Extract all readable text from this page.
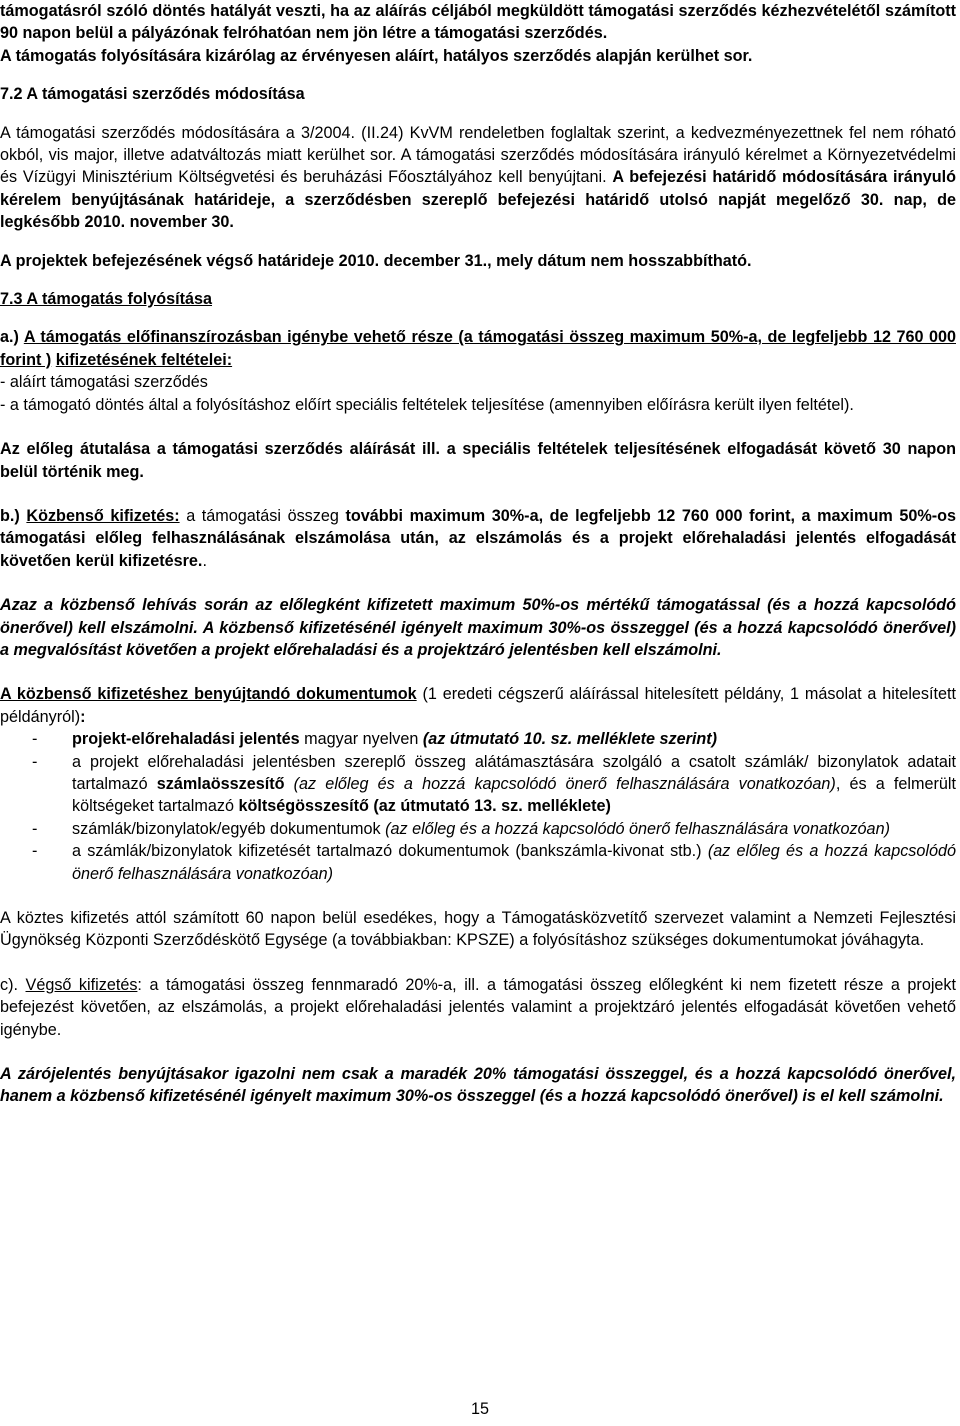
támogatásról szóló döntés hatályát veszti, ha az aláírás céljából megküldött támogatási szerződés kézhezvételétől számított 90 napon belül a pályázónak felróhatóan nem jön létre a támogatási szerződés.
A támogatás folyósítására kizárólag az érvényesen aláírt, hatályos szerződés alapján kerülhet sor.

7.2 A támogatási szerződés módosítása

A támogatási szerződés módosítására a 3/2004. (II.24) KvVM rendeletben foglaltak szerint, a kedvezményezettnek fel nem róható okból, vis major, illetve adatváltozás miatt kerülhet sor. A támogatási szerződés módosítására irányuló kérelmet a Környezetvédelmi és Vízügyi Minisztérium Költségvetési és beruházási Főosztályához kell benyújtani. A befejezési határidő módosítására irányuló kérelem benyújtásának határideje, a szerződésben szereplő befejezési határidő utolsó napját megelőző 30. nap, de legkésőbb 2010. november 30.

A projektek befejezésének végső határideje 2010. december 31., mely dátum nem hosszabbítható.

7.3 A támogatás folyósítása

a.) A támogatás előfinanszírozásban igénybe vehető része (a támogatási összeg maximum 50%-a, de legfeljebb 12 760 000 forint ) kifizetésének feltételei:

- aláírt támogatási szerződés

- a támogató döntés által a folyósításhoz előírt speciális feltételek teljesítése (amennyiben előírásra került ilyen feltétel).

Az előleg átutalása a támogatási szerződés aláírását ill. a speciális feltételek teljesítésének elfogadását követő 30 napon belül történik meg.

b.) Közbenső kifizetés: a támogatási összeg további maximum 30%-a, de legfeljebb 12 760 000 forint, a maximum 50%-os támogatási előleg felhasználásának elszámolása után, az elszámolás és a projekt előrehaladási jelentés elfogadását követően kerül kifizetésre..

Azaz a közbenső lehívás során az előlegként kifizetett maximum 50%-os mértékű támogatással (és a hozzá kapcsolódó önerővel) kell elszámolni. A közbenső kifizetésénél igényelt maximum 30%-os összeggel (és a hozzá kapcsolódó önerővel) a megvalósítást követően a projekt előrehaladási és a projektzáró jelentésben kell elszámolni.

A közbenső kifizetéshez benyújtandó dokumentumok (1 eredeti cégszerű aláírással hitelesített példány, 1 másolat a hitelesített példányról):

- projekt-előrehaladási jelentés magyar nyelven (az útmutató 10. sz. melléklete szerint)
- a projekt előrehaladási jelentésben szereplő összeg alátámasztására szolgáló a csatolt számlák/ bizonylatok adatait tartalmazó számlaösszesítő (az előleg és a hozzá kapcsolódó önerő felhasználására vonatkozóan), és a felmerült költségeket tartalmazó költségösszesítő (az útmutató 13. sz. melléklete)
- számlák/bizonylatok/egyéb dokumentumok (az előleg és a hozzá kapcsolódó önerő felhasználására vonatkozóan)
- a számlák/bizonylatok kifizetését tartalmazó dokumentumok (bankszámla-kivonat stb.) (az előleg és a hozzá kapcsolódó önerő felhasználására vonatkozóan)

A köztes kifizetés attól számított 60 napon belül esedékes, hogy a Támogatásközvetítő szervezet valamint a Nemzeti Fejlesztési Ügynökség Központi Szerződéskötő Egysége (a továbbiakban: KPSZE) a folyósításhoz szükséges dokumentumokat jóváhagyta.

c). Végső kifizetés: a támogatási összeg fennmaradó 20%-a, ill. a támogatási összeg előlegként ki nem fizetett része a projekt befejezést követően, az elszámolás, a projekt előrehaladási jelentés valamint a projektzáró jelentés elfogadását követően vehető igénybe.

A zárójelentés benyújtásakor igazolni nem csak a maradék 20% támogatási összeggel, és a hozzá kapcsolódó önerővel, hanem a közbenső kifizetésénél igényelt maximum 30%-os összeggel (és a hozzá kapcsolódó önerővel) is el kell számolni.

15
